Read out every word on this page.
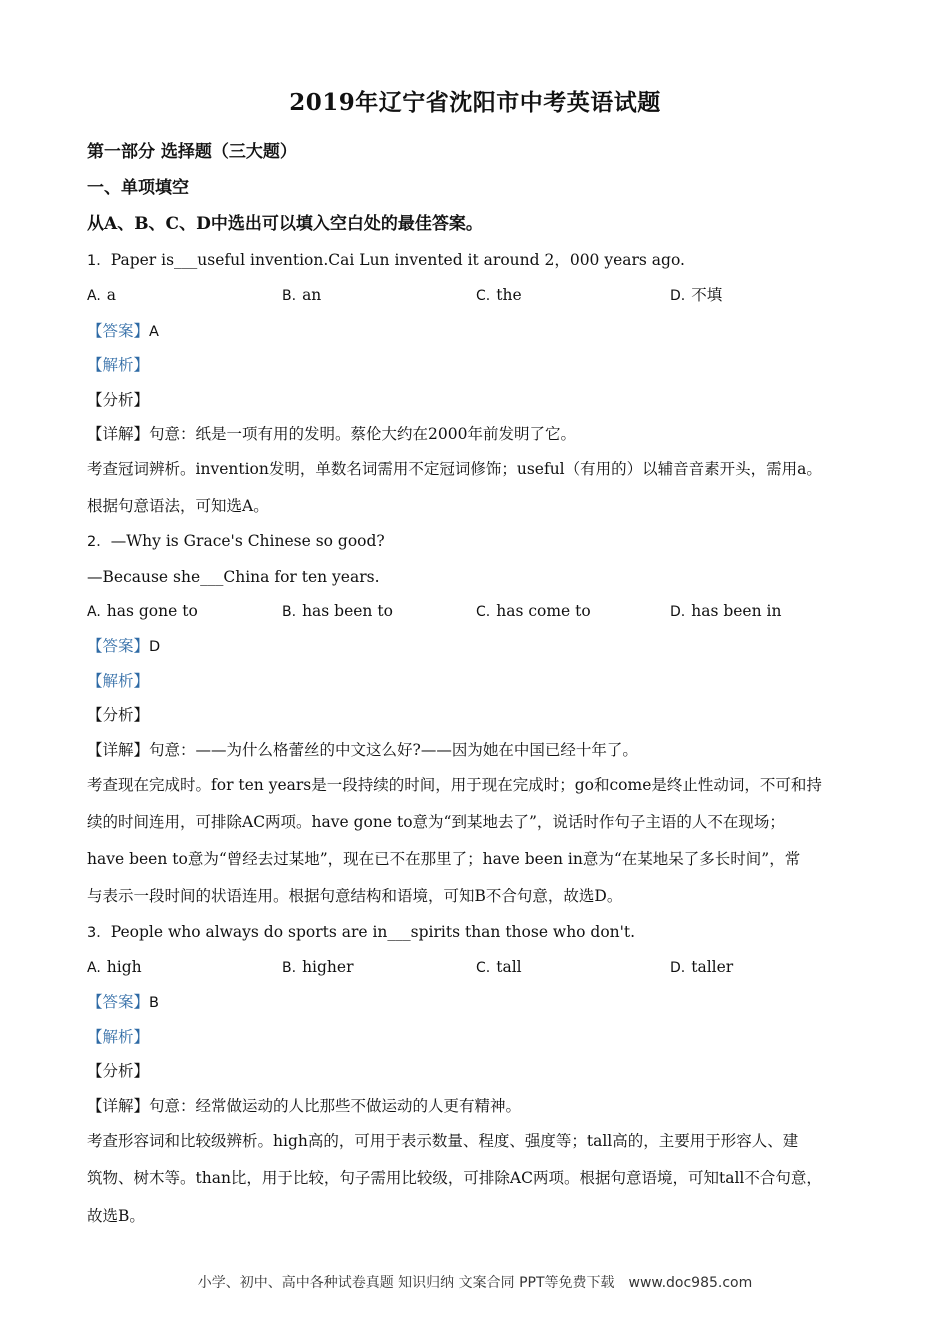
2019年辽宁省沈阳市中考英语试题
第一部分 选择题（三大题）
一、单项填空
从A、B、C、D中选出可以填入空白处的最佳答案。
1．Paper is___useful invention.Cai Lun invented it around 2，000 years ago.
A. a	B. an	C. the	D. 不填
【答案】A
【解析】
【分析】
【详解】句意：纸是一项有用的发明。蔡伦大约在2000年前发明了它。
考查冠词辨析。invention发明，单数名词需用不定冠词修饰；useful（有用的）以辅音音素开头，需用a。
根据句意语法，可知选A。
2．—Why is Grace's Chinese so good?
—Because she___China for ten years.
A. has gone to	B. has been to	C. has come to	D. has been in
【答案】D
【解析】
【分析】
【详解】句意：——为什么格蕾丝的中文这么好?——因为她在中国已经十年了。
考查现在完成时。for ten years是一段持续的时间，用于现在完成时；go和come是终止性动词，不可和持
续的时间连用，可排除AC两项。have gone to意为“到某地去了”，说话时作句子主语的人不在现场；
have been to意为“曾经去过某地”，现在已不在那里了；have been in意为“在某地呆了多长时间”，常
与表示一段时间的状语连用。根据句意结构和语境，可知B不合句意，故选D。
3．People who always do sports are in___spirits than those who don't.
A. high	B. higher	C. tall	D. taller
【答案】B
【解析】
【分析】
【详解】句意：经常做运动的人比那些不做运动的人更有精神。
考查形容词和比较级辨析。high高的，可用于表示数量、程度、强度等；tall高的，主要用于形容人、建
筑物、树木等。than比，用于比较，句子需用比较级，可排除AC两项。根据句意语境，可知tall不合句意，
故选B。
小学、初中、高中各种试卷真题 知识归纳 文案合同 PPT等免费下载 www.doc985.com
